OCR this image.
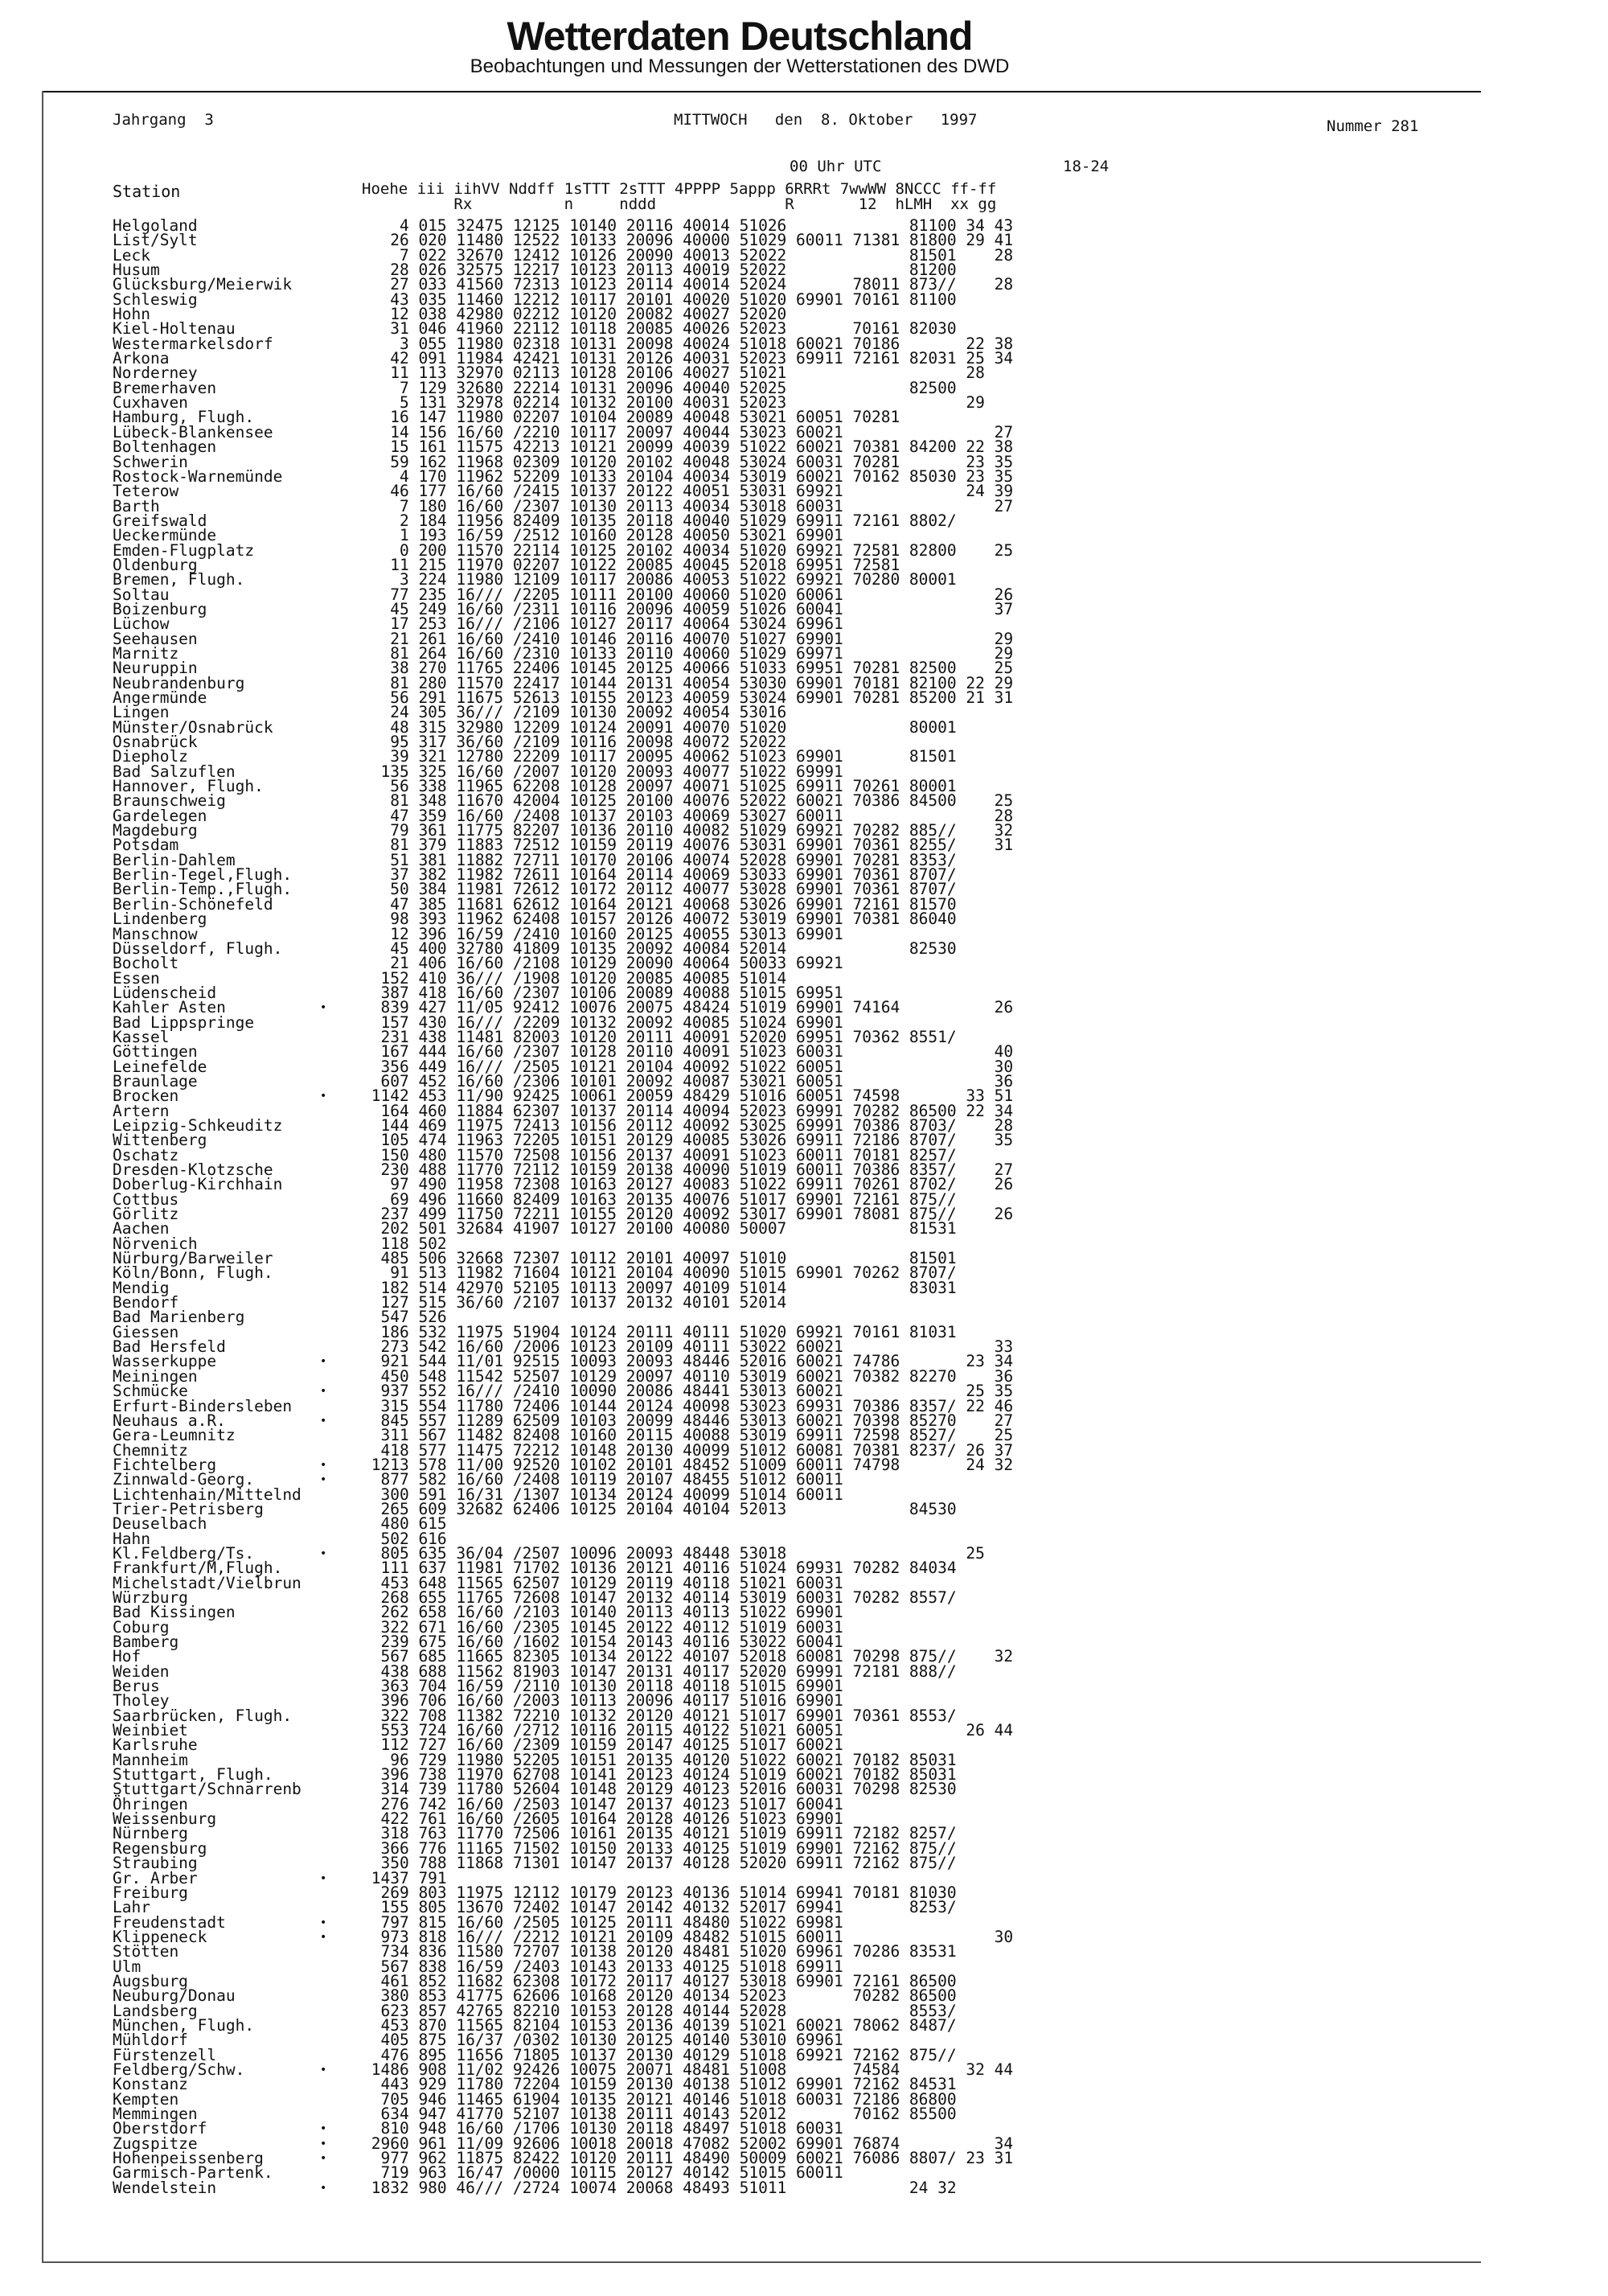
Wetterdaten Deutschland
Beobachtungen und Messungen der Wetterstationen des DWD
Jahrgang  3	MITTWOCH   den  8. Oktober   1997	Nummer 281
00 Uhr UTC	18-24
Station	Hoehe iii iihVV Nddff 1sTTT 2sTTT 4PPPP 5appp 6RRRt 7wwWW 8NCCC ff-ff
Rx          n     nddd              R       12  hLMH  xx gg
Helgoland	4 015 32475 12125 10140 20116 40014 51026             81100 34 43
List/Sylt	26 020 11480 12522 10133 20096 40000 51029 60011 71381 81800 29 41
Leck	7 022 32670 12412 10126 20090 40013 52022             81501    28
Husum	28 026 32575 12217 10123 20113 40019 52022             81200
Glücksburg/Meierwik	27 033 41560 72313 10123 20114 40014 52024       78011 873//    28
Schleswig	43 035 11460 12212 10117 20101 40020 51020 69901 70161 81100
Hohn	12 038 42980 02212 10120 20082 40027 52020
Kiel-Holtenau	31 046 41960 22112 10118 20085 40026 52023       70161 82030
Westermarkelsdorf	3 055 11980 02318 10131 20098 40024 51018 60021 70186       22 38
Arkona	42 091 11984 42421 10131 20126 40031 52023 69911 72161 82031 25 34
Norderney	11 113 32970 02113 10128 20106 40027 51021                   28
Bremerhaven	7 129 32680 22214 10131 20096 40040 52025             82500
Cuxhaven	5 131 32978 02214 10132 20100 40031 52023                   29
Hamburg, Flugh.	16 147 11980 02207 10104 20089 40048 53021 60051 70281
Lübeck-Blankensee	14 156 16/60 /2210 10117 20097 40044 53023 60021                27
Boltenhagen	15 161 11575 42213 10121 20099 40039 51022 60021 70381 84200 22 38
Schwerin	59 162 11968 02309 10120 20102 40048 53024 60031 70281       23 35
Rostock-Warnemünde	4 170 11962 52209 10133 20104 40034 53019 60021 70162 85030 23 35
Teterow	46 177 16/60 /2415 10137 20122 40051 53031 69921             24 39
Barth	7 180 16/60 /2307 10130 20113 40034 53018 60031                27
Greifswald	2 184 11956 82409 10135 20118 40040 51029 69911 72161 8802/
Ueckermünde	1 193 16/59 /2512 10160 20128 40050 53021 69901
Emden-Flugplatz	0 200 11570 22114 10125 20102 40034 51020 69921 72581 82800    25
Oldenburg	11 215 11970 02207 10122 20085 40045 52018 69951 72581
Bremen, Flugh.	3 224 11980 12109 10117 20086 40053 51022 69921 70280 80001
Soltau	77 235 16/// /2205 10111 20100 40060 51020 60061                26
Boizenburg	45 249 16/60 /2311 10116 20096 40059 51026 60041                37
Lüchow	17 253 16/// /2106 10127 20117 40064 53024 69961
Seehausen	21 261 16/60 /2410 10146 20116 40070 51027 69901                29
Marnitz	81 264 16/60 /2310 10133 20110 40060 51029 69971                29
Neuruppin	38 270 11765 22406 10145 20125 40066 51033 69951 70281 82500    25
Neubrandenburg	81 280 11570 22417 10144 20131 40054 53030 69901 70181 82100 22 29
Angermünde	56 291 11675 52613 10155 20123 40059 53024 69901 70281 85200 21 31
Lingen	24 305 36/// /2109 10130 20092 40054 53016
Münster/Osnabrück	48 315 32980 12209 10124 20091 40070 51020             80001
Osnabrück	95 317 36/60 /2109 10116 20098 40072 52022
Diepholz	39 321 12780 22209 10117 20095 40062 51023 69901       81501
Bad Salzuflen	135 325 16/60 /2007 10120 20093 40077 51022 69991
Hannover, Flugh.	56 338 11965 62208 10128 20097 40071 51025 69911 70261 80001
Braunschweig	81 348 11670 42004 10125 20100 40076 52022 60021 70386 84500    25
Gardelegen	47 359 16/60 /2408 10137 20103 40069 53027 60011                28
Magdeburg	79 361 11775 82207 10136 20110 40082 51029 69921 70282 885//    32
Potsdam	81 379 11883 72512 10159 20119 40076 53031 69901 70361 8255/    31
Berlin-Dahlem	51 381 11882 72711 10170 20106 40074 52028 69901 70281 8353/
Berlin-Tegel,Flugh.	37 382 11982 72611 10164 20114 40069 53033 69901 70361 8707/
Berlin-Temp.,Flugh.	50 384 11981 72612 10172 20112 40077 53028 69901 70361 8707/
Berlin-Schönefeld	47 385 11681 62612 10164 20121 40068 53026 69901 72161 81570
Lindenberg	98 393 11962 62408 10157 20126 40072 53019 69901 70381 86040
Manschnow	12 396 16/59 /2410 10160 20125 40055 53013 69901
Düsseldorf, Flugh.	45 400 32780 41809 10135 20092 40084 52014             82530
Bocholt	21 406 16/60 /2108 10129 20090 40064 50033 69921
Essen	152 410 36/// /1908 10120 20085 40085 51014
Lüdenscheid	387 418 16/60 /2307 10106 20089 40088 51015 69951
Kahler Asten	•	839 427 11/05 92412 10076 20075 48424 51019 69901 74164          26
Bad Lippspringe	157 430 16/// /2209 10132 20092 40085 51024 69901
Kassel	231 438 11481 82003 10120 20111 40091 52020 69951 70362 8551/
Göttingen	167 444 16/60 /2307 10128 20110 40091 51023 60031                40
Leinefelde	356 449 16/// /2505 10121 20104 40092 51022 60051                30
Braunlage	607 452 16/60 /2306 10101 20092 40087 53021 60051                36
Brocken	•	1142 453 11/90 92425 10061 20059 48429 51016 60051 74598       33 51
Artern	164 460 11884 62307 10137 20114 40094 52023 69991 70282 86500 22 34
Leipzig-Schkeuditz	144 469 11975 72413 10156 20112 40092 53025 69991 70386 8703/    28
Wittenberg	105 474 11963 72205 10151 20129 40085 53026 69911 72186 8707/    35
Oschatz	150 480 11570 72508 10156 20137 40091 51023 60011 70181 8257/
Dresden-Klotzsche	230 488 11770 72112 10159 20138 40090 51019 60011 70386 8357/    27
Doberlug-Kirchhain	97 490 11958 72308 10163 20127 40083 51022 69911 70261 8702/    26
Cottbus	69 496 11660 82409 10163 20135 40076 51017 69901 72161 875//
Görlitz	237 499 11750 72211 10155 20120 40092 53017 69901 78081 875//    26
Aachen	202 501 32684 41907 10127 20100 40080 50007             81531
Nörvenich	118 502
Nürburg/Barweiler	485 506 32668 72307 10112 20101 40097 51010             81501
Köln/Bonn, Flugh.	91 513 11982 71604 10121 20104 40090 51015 69901 70262 8707/
Mendig	182 514 42970 52105 10113 20097 40109 51014             83031
Bendorf	127 515 36/60 /2107 10137 20132 40101 52014
Bad Marienberg	547 526
Giessen	186 532 11975 51904 10124 20111 40111 51020 69921 70161 81031
Bad Hersfeld	273 542 16/60 /2006 10123 20109 40111 53022 60021                33
Wasserkuppe	•	921 544 11/01 92515 10093 20093 48446 52016 60021 74786       23 34
Meiningen	450 548 11542 52507 10129 20097 40110 53019 60021 70382 82270    36
Schmücke	•	937 552 16/// /2410 10090 20086 48441 53013 60021             25 35
Erfurt-Bindersleben	315 554 11780 72406 10144 20124 40098 53023 69931 70386 8357/ 22 46
Neuhaus a.R.	•	845 557 11289 62509 10103 20099 48446 53013 60021 70398 85270    27
Gera-Leumnitz	311 567 11482 82408 10160 20115 40088 53019 69911 72598 8527/    25
Chemnitz	418 577 11475 72212 10148 20130 40099 51012 60081 70381 8237/ 26 37
Fichtelberg	•	1213 578 11/00 92520 10102 20101 48452 51009 60011 74798       24 32
Zinnwald-Georg.	•	877 582 16/60 /2408 10119 20107 48455 51012 60011
Lichtenhain/Mittelnd	300 591 16/31 /1307 10134 20124 40099 51014 60011
Trier-Petrisberg	265 609 32682 62406 10125 20104 40104 52013             84530
Deuselbach	480 615
Hahn	502 616
Kl.Feldberg/Ts.	•	805 635 36/04 /2507 10096 20093 48448 53018                   25
Frankfurt/M,Flugh.	111 637 11981 71702 10136 20121 40116 51024 69931 70282 84034
Michelstadt/Vielbrun	453 648 11565 62507 10129 20119 40118 51021 60031
Würzburg	268 655 11765 72608 10147 20132 40114 53019 60031 70282 8557/
Bad Kissingen	262 658 16/60 /2103 10140 20113 40113 51022 69901
Coburg	322 671 16/60 /2305 10145 20122 40112 51019 60031
Bamberg	239 675 16/60 /1602 10154 20143 40116 53022 60041
Hof	567 685 11665 82305 10134 20122 40107 52018 60081 70298 875//    32
Weiden	438 688 11562 81903 10147 20131 40117 52020 69991 72181 888//
Berus	363 704 16/59 /2110 10130 20118 40118 51015 69901
Tholey	396 706 16/60 /2003 10113 20096 40117 51016 69901
Saarbrücken, Flugh.	322 708 11382 72210 10132 20120 40121 51017 69901 70361 8553/
Weinbiet	553 724 16/60 /2712 10116 20115 40122 51021 60051             26 44
Karlsruhe	112 727 16/60 /2309 10159 20147 40125 51017 60021
Mannheim	96 729 11980 52205 10151 20135 40120 51022 60021 70182 85031
Stuttgart, Flugh.	396 738 11970 62708 10141 20123 40124 51019 60021 70182 85031
Stuttgart/Schnarrenb	314 739 11780 52604 10148 20129 40123 52016 60031 70298 82530
Öhringen	276 742 16/60 /2503 10147 20137 40123 51017 60041
Weissenburg	422 761 16/60 /2605 10164 20128 40126 51023 69901
Nürnberg	318 763 11770 72506 10161 20135 40121 51019 69911 72182 8257/
Regensburg	366 776 11165 71502 10150 20133 40125 51019 69901 72162 875//
Straubing	350 788 11868 71301 10147 20137 40128 52020 69911 72162 875//
Gr. Arber	•	1437 791
Freiburg	269 803 11975 12112 10179 20123 40136 51014 69941 70181 81030
Lahr	155 805 13670 72402 10147 20142 40132 52017 69941       8253/
Freudenstadt	•	797 815 16/60 /2505 10125 20111 48480 51022 69981
Klippeneck	•	973 818 16/// /2212 10121 20109 48482 51015 60011                30
Stötten	734 836 11580 72707 10138 20120 48481 51020 69961 70286 83531
Ulm	567 838 16/59 /2403 10143 20133 40125 51018 69911
Augsburg	461 852 11682 62308 10172 20117 40127 53018 69901 72161 86500
Neuburg/Donau	380 853 41775 62606 10168 20120 40134 52023       70282 86500
Landsberg	623 857 42765 82210 10153 20128 40144 52028             8553/
München, Flugh.	453 870 11565 82104 10153 20136 40139 51021 60021 78062 8487/
Mühldorf	405 875 16/37 /0302 10130 20125 40140 53010 69961
Fürstenzell	476 895 11656 71805 10137 20130 40129 51018 69921 72162 875//
Feldberg/Schw.	•	1486 908 11/02 92426 10075 20071 48481 51008       74584       32 44
Konstanz	443 929 11780 72204 10159 20130 40138 51012 69901 72162 84531
Kempten	705 946 11465 61904 10135 20121 40146 51018 60031 72186 86800
Memmingen	634 947 41770 52107 10138 20111 40143 52012       70162 85500
Oberstdorf	•	810 948 16/60 /1706 10130 20118 48497 51018 60031
Zugspitze	•	2960 961 11/09 92606 10018 20018 47082 52002 69901 76874          34
Hohenpeissenberg	•	977 962 11875 82422 10120 20111 48490 50009 60021 76086 8807/ 23 31
Garmisch-Partenk.	719 963 16/47 /0000 10115 20127 40142 51015 60011
Wendelstein	•	1832 980 46/// /2724 10074 20068 48493 51011             24 32
